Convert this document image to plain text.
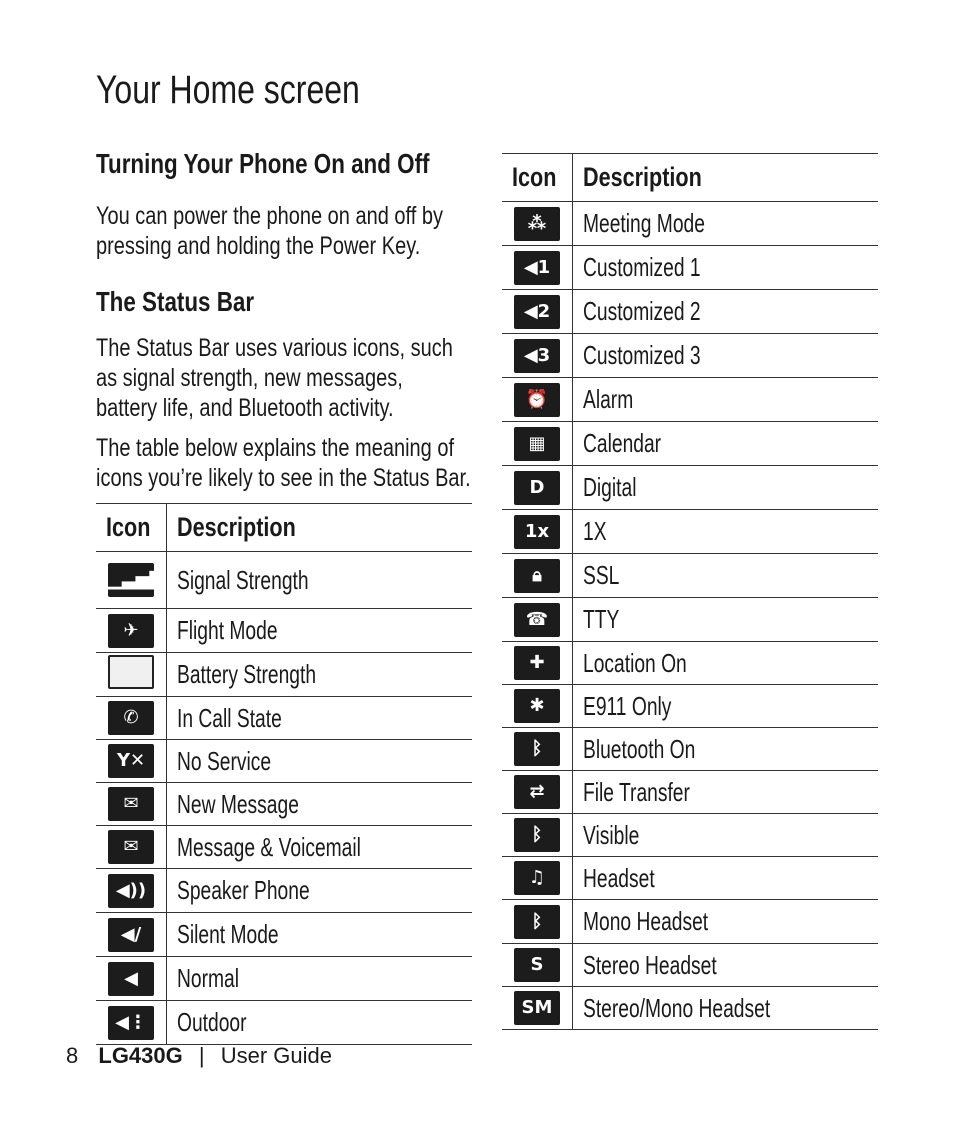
Your Home screen
Turning Your Phone On and Off
You can power the phone on and off by
pressing and holding the Power Key.
The Status Bar
The Status Bar uses various icons, such
as signal strength, new messages,
battery life, and Bluetooth activity.
The table below explains the meaning of
icons you’re likely to see in the Status Bar.
Icon	Description
▁▃▅▇	Signal Strength
✈	Flight Mode
	Battery Strength
✆	In Call State
Y✕	No Service
✉	New Message
✉	Message & Voicemail
◀))	Speaker Phone
◀/	Silent Mode
◀	Normal
◀⋮	Outdoor
Icon	Description
⁂	Meeting Mode
◀1	Customized 1
◀2	Customized 2
◀3	Customized 3
⏰	Alarm
▦	Calendar
D	Digital
1x	1X
🔒︎	SSL
☎	TTY
✚	Location On
✱	E911 Only
ᛒ	Bluetooth On
⇄	File Transfer
ᛒ	Visible
♫	Headset
ᛒ	Mono Headset
S	Stereo Headset
SM	Stereo/Mono Headset
8 LG430G | User Guide
